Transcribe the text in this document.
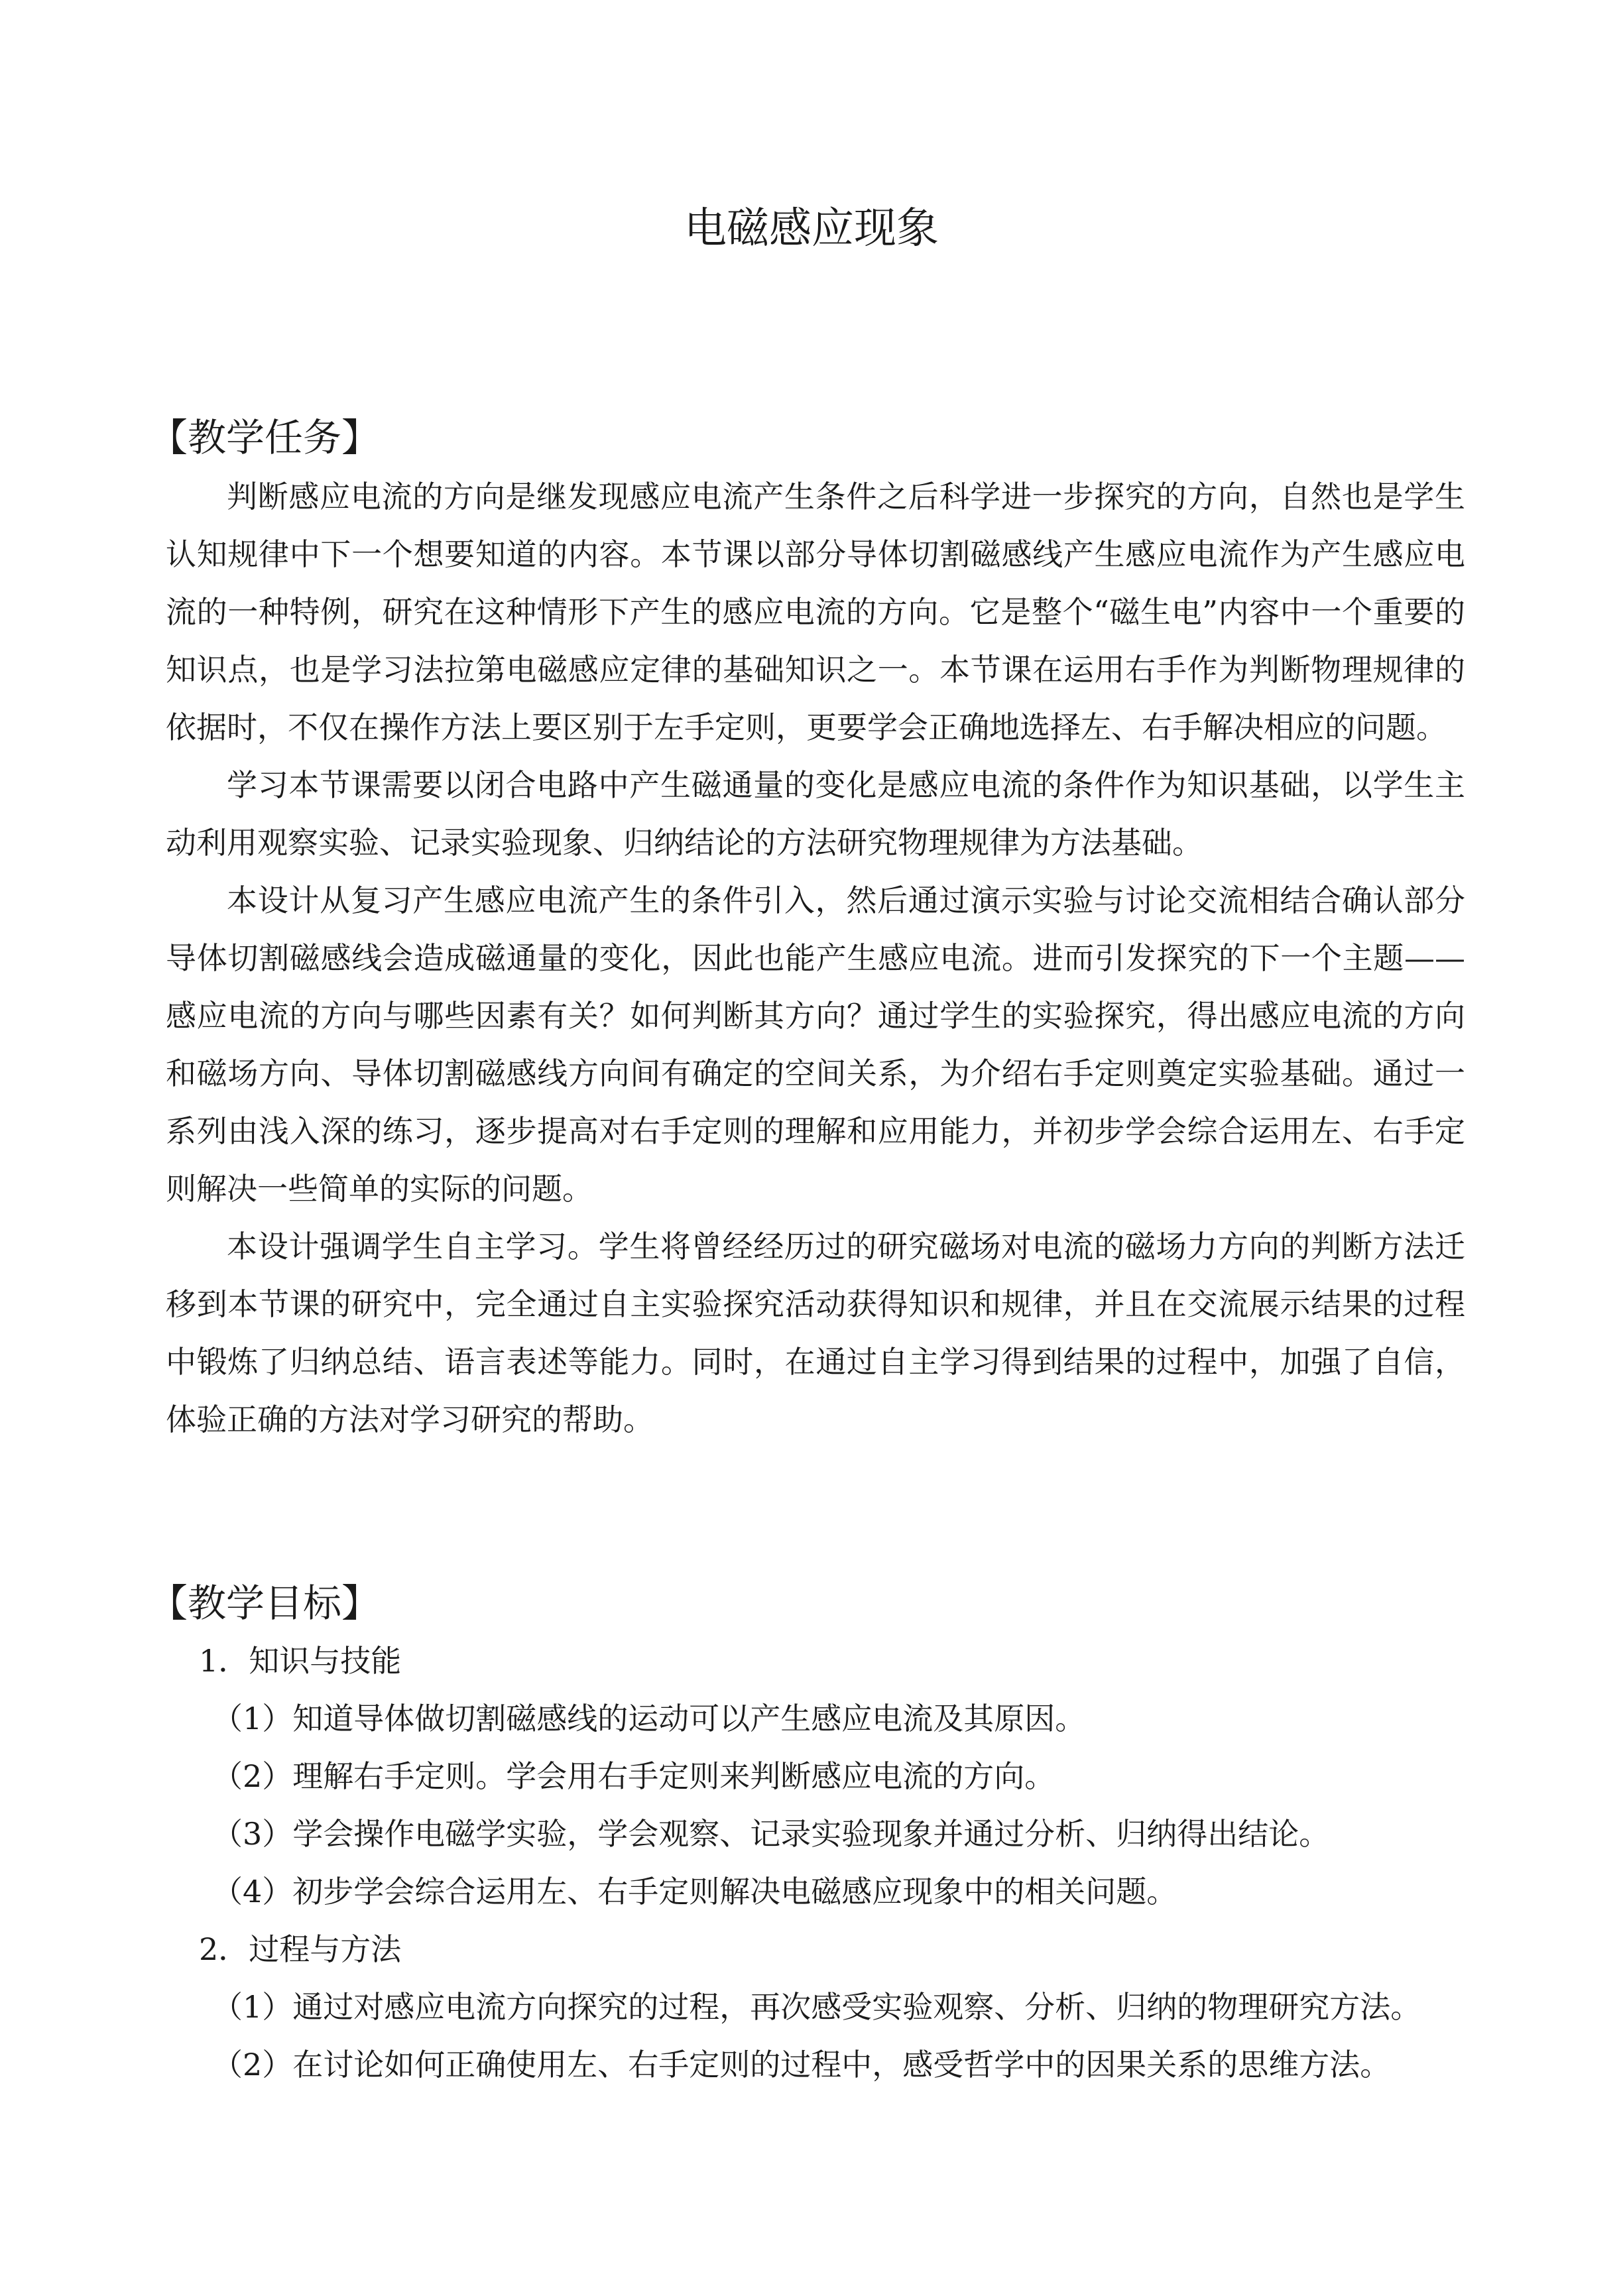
电磁感应现象
【教学任务】

判断感应电流的方向是继发现感应电流产生条件之后科学进一步探究的方向，自然也是学生认知规律中下一个想要知道的内容。本节课以部分导体切割磁感线产生感应电流作为产生感应电流的一种特例，研究在这种情形下产生的感应电流的方向。它是整个“磁生电”内容中一个重要的知识点，也是学习法拉第电磁感应定律的基础知识之一。本节课在运用右手作为判断物理规律的依据时，不仅在操作方法上要区别于左手定则，更要学会正确地选择左、右手解决相应的问题。

学习本节课需要以闭合电路中产生磁通量的变化是感应电流的条件作为知识基础，以学生主动利用观察实验、记录实验现象、归纳结论的方法研究物理规律为方法基础。

本设计从复习产生感应电流产生的条件引入，然后通过演示实验与讨论交流相结合确认部分导体切割磁感线会造成磁通量的变化，因此也能产生感应电流。进而引发探究的下一个主题——感应电流的方向与哪些因素有关？如何判断其方向？通过学生的实验探究，得出感应电流的方向和磁场方向、导体切割磁感线方向间有确定的空间关系，为介绍右手定则奠定实验基础。通过一系列由浅入深的练习，逐步提高对右手定则的理解和应用能力，并初步学会综合运用左、右手定则解决一些简单的实际的问题。

本设计强调学生自主学习。学生将曾经经历过的研究磁场对电流的磁场力方向的判断方法迁移到本节课的研究中，完全通过自主实验探究活动获得知识和规律，并且在交流展示结果的过程中锻炼了归纳总结、语言表述等能力。同时，在通过自主学习得到结果的过程中，加强了自信，体验正确的方法对学习研究的帮助。

【教学目标】
1．知识与技能
（1）知道导体做切割磁感线的运动可以产生感应电流及其原因。
（2）理解右手定则。学会用右手定则来判断感应电流的方向。
（3）学会操作电磁学实验，学会观察、记录实验现象并通过分析、归纳得出结论。
（4）初步学会综合运用左、右手定则解决电磁感应现象中的相关问题。
2．过程与方法
（1）通过对感应电流方向探究的过程，再次感受实验观察、分析、归纳的物理研究方法。
（2）在讨论如何正确使用左、右手定则的过程中，感受哲学中的因果关系的思维方法。
